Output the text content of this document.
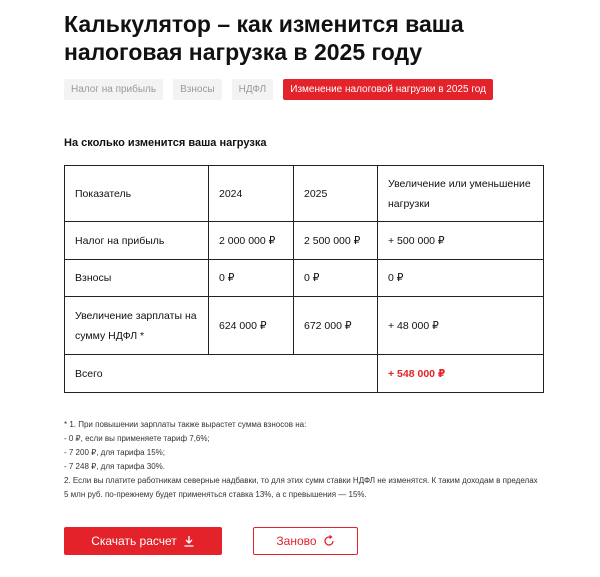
Калькулятор – как изменится ваша налоговая нагрузка в 2025 году
Налог на прибыль	Взносы	НДФЛ	Изменение налоговой нагрузки в 2025 год
На сколько изменится ваша нагрузка
Показатель	2024	2025	Увеличение или уменьшение нагрузки
Налог на прибыль	2 000 000 ₽	2 500 000 ₽	+ 500 000 ₽
Взносы	0 ₽	0 ₽	0 ₽
Увеличение зарплаты на сумму НДФЛ *	624 000 ₽	672 000 ₽	+ 48 000 ₽
Всего			+ 548 000 ₽
* 1. При повышении зарплаты также вырастет сумма взносов на:
- 0 ₽, если вы применяете тариф 7,6%;
- 7 200 ₽, для тарифа 15%;
- 7 248 ₽, для тарифа 30%.
2. Если вы платите работникам северные надбавки, то для этих сумм ставки НДФЛ не изменятся. К таким доходам в пределах
5 млн руб. по-прежнему будет применяться ставка 13%, а с превышения — 15%.
Скачать расчет	Заново
